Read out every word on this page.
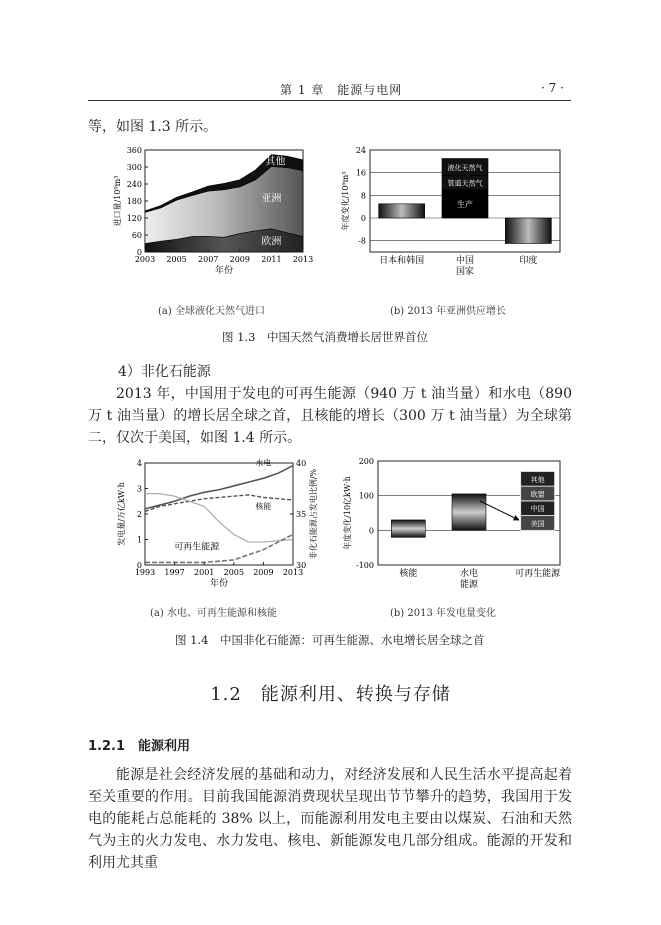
第 1 章　能源与电网	· 7 ·
等，如图 1.3 所示。
欧洲
亚洲
其他
0
60
120
180
240
300
360
2003 2005 2007 2009 2011 2013
年份
进口量/10⁹m³
(a) 全球液化天然气进口
-8
0
8
16
24
日本和韩国
生产
管道天然气
液化天然气
中国
国家
印度
年度变化/10⁹m³
(b) 2013 年亚洲供应增长
图 1.3　中国天然气消费增长居世界首位
4）非化石能源
2013 年，中国用于发电的可再生能源（940 万 t 油当量）和水电（890 万 t 油当量）的增长居全球之首，且核能的增长（300 万 t 油当量）为全球第二，仅次于美国，如图 1.4 所示。
水电
核能
可再生能源
0
1
2
3
4
30
35
40
1993 1997 2001 2005 2009 2013
年份
发电量/万亿kW·h	非化石能源占发电比例/%
(a) 水电、可再生能源和核能
-100
0
100
200
核能	水电
能源
美国
中国
欧盟
其他
可再生能源
年度变化/10亿kW·h
(b) 2013 年发电量变化
图 1.4　中国非化石能源：可再生能源、水电增长居全球之首
1.2　能源利用、转换与存储
1.2.1　能源利用
能源是社会经济发展的基础和动力，对经济发展和人民生活水平提高起着至关重要的作用。目前我国能源消费现状呈现出节节攀升的趋势，我国用于发电的能耗占总能耗的 38% 以上，而能源利用发电主要由以煤炭、石油和天然气为主的火力发电、水力发电、核电、新能源发电几部分组成。能源的开发和利用尤其重
